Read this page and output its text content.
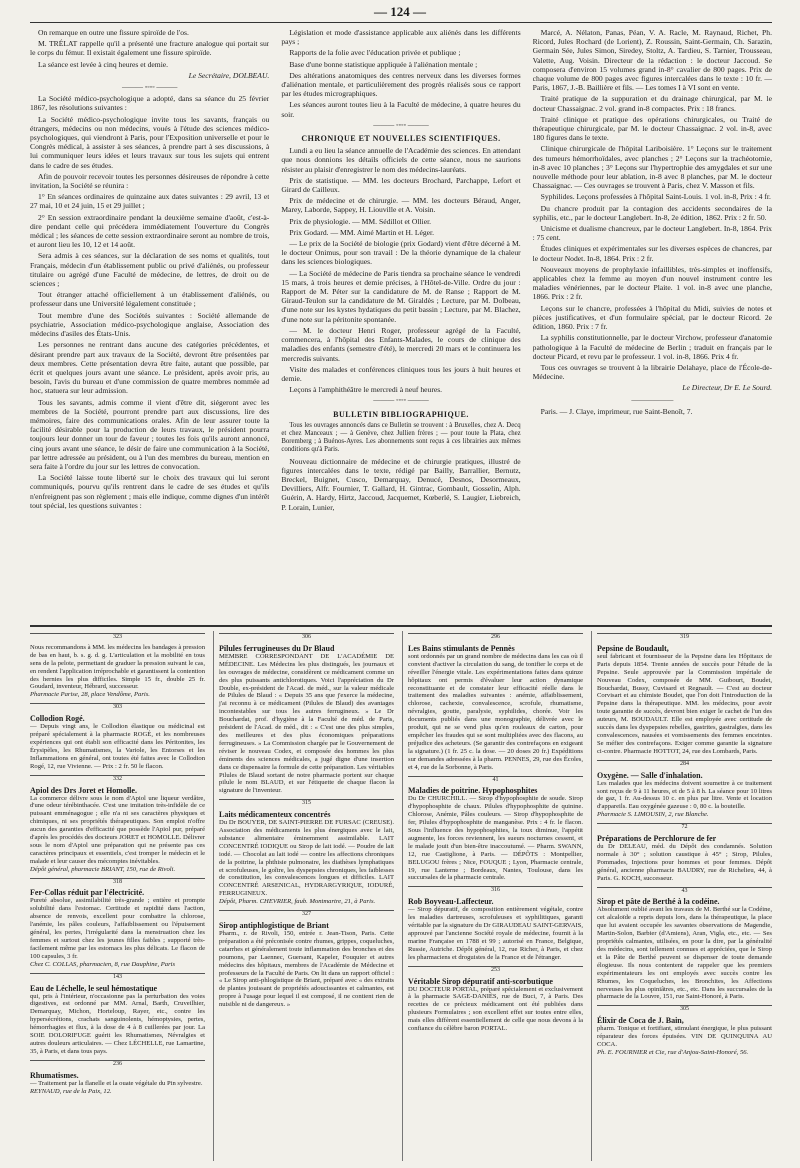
— 124 —

On remarque en outre une fissure spiroïde de l'os.

M. TRÉLAT rappelle qu'il a présenté une fracture analogue qui portait sur le corps du fémur. Il existait également une fissure spiroïde.

La séance est levée à cinq heures et demie.

Le Secrétaire, DOLBEAU.
——— ◦◦◦◦ ———

La Société médico-psychologique a adopté, dans sa séance du 25 février 1867, les résolutions suivantes :

La Société médico-psychologique invite tous les savants, français ou étrangers, médecins ou non médecins, voués à l'étude des sciences médico-psychologiques, qui viendront à Paris, pour l'Exposition universelle et pour le Congrès médical, à assister à ses séances, à prendre part à ses discussions, à lui communiquer leurs idées et leurs travaux sur tous les sujets qui entrent dans le cadre de ses études.

Afin de pouvoir recevoir toutes les personnes désireuses de répondre à cette invitation, la Société se réunira :

1° En séances ordinaires de quinzaine aux dates suivantes : 29 avril, 13 et 27 mai, 10 et 24 juin, 15 et 29 juillet ;

2° En session extraordinaire pendant la deuxième semaine d'août, c'est-à-dire pendant celle qui précédera immédiatement l'ouverture du Congrès médical ; les séances de cette session extraordinaire seront au nombre de trois, et auront lieu les 10, 12 et 14 août.

Sera admis à ces séances, sur la déclaration de ses noms et qualités, tout Français, médecin d'un établissement public ou privé d'aliénés, ou professeur titulaire ou agrégé d'une Faculté de médecine, de lettres, de droit ou de sciences ;

Tout étranger attaché officiellement à un établissement d'aliénés, ou professeur dans une Université légalement constituée ;

Tout membre d'une des Sociétés suivantes : Société allemande de psychiatrie, Association médico-psychologique anglaise, Association des médecins d'asiles des États-Unis.

Les personnes ne rentrant dans aucune des catégories précédentes, et désirant prendre part aux travaux de la Société, devront être présentées par deux membres. Cette présentation devra être faite, autant que possible, par écrit et quelques jours avant une séance. Le président, après avoir pris, au besoin, l'avis du bureau et d'une commission de quatre membres nommée ad hoc, statuera sur leur admission.

Tous les savants, admis comme il vient d'être dit, siégeront avec les membres de la Société, pourront prendre part aux discussions, lire des mémoires, faire des communications orales. Afin de leur assurer toute la facilité désirable pour la production de leurs travaux, le président pourra toujours leur donner un tour de faveur ; toutes les fois qu'ils auront annoncé, cinq jours avant une séance, le désir de faire une communication à la Société, par lettre adressée au président, ou à l'un des membres du bureau, mention en sera faite à l'ordre du jour sur les lettres de convocation.

La Société laisse toute liberté sur le choix des travaux qui lui seront communiqués, pourvu qu'ils rentrent dans le cadre de ses études et qu'ils n'enfreignent pas son règlement ; mais elle indique, comme dignes d'un intérêt tout spécial, les questions suivantes :

Législation et mode d'assistance applicable aux aliénés dans les différents pays ;

Rapports de la folie avec l'éducation privée et publique ;

Base d'une bonne statistique appliquée à l'aliénation mentale ;

Des altérations anatomiques des centres nerveux dans les diverses formes d'aliénation mentale, et particulièrement des progrès réalisés sous ce rapport par les études micrographiques.

Les séances auront toutes lieu à la Faculté de médecine, à quatre heures du soir.

——— ◦◦◦◦ ———
CHRONIQUE ET NOUVELLES SCIENTIFIQUES.

Lundi a eu lieu la séance annuelle de l'Académie des sciences. En attendant que nous donnions les détails officiels de cette séance, nous ne saurions résister au plaisir d'enregistrer le nom des médecins-lauréats.

Prix de statistique. — MM. les docteurs Brochard, Parchappe, Lefort et Girard de Cailleux.

Prix de médecine et de chirurgie. — MM. les docteurs Béraud, Anger, Marey, Laborde, Sappey, H. Liouville et A. Voisin.

Prix de physiologie. — MM. Sédillot et Ollier.

Prix Godard. — MM. Aimé Martin et H. Léger.

— Le prix de la Société de biologie (prix Godard) vient d'être décerné à M. le docteur Onimus, pour son travail : De la théorie dynamique de la chaleur dans les sciences biologiques.

— La Société de médecine de Paris tiendra sa prochaine séance le vendredi 15 mars, à trois heures et demie précises, à l'Hôtel-de-Ville. Ordre du jour : Rapport de M. Péter sur la candidature de M. de Ranse ; Rapport de M. Giraud-Teulon sur la candidature de M. Giraldès ; Lecture, par M. Dolbeau, d'une note sur les kystes hydatiques du petit bassin ; Lecture, par M. Blachez, d'une note sur la péritonite spontanée.

— M. le docteur Henri Roger, professeur agrégé de la Faculté, commencera, à l'hôpital des Enfants-Malades, le cours de clinique des maladies des enfants (semestre d'été), le mercredi 20 mars et le continuera les mercredis suivants.

Visite des malades et conférences cliniques tous les jours à huit heures et demie.

Leçons à l'amphithéâtre le mercredi à neuf heures.

——— ◦◦◦◦ ———
BULLETIN BIBLIOGRAPHIQUE.

Tous les ouvrages annoncés dans ce Bulletin se trouvent : à Bruxelles, chez A. Decq et chez Manceaux ; — à Genève, chez Jullien frères ; — pour toute la Plata, chez Boremberg ; à Buénos-Ayres. Les abonnements sont reçus à ces librairies aux mêmes conditions qu'à Paris.

Nouveau dictionnaire de médecine et de chirurgie pratiques, illustré de figures intercalées dans le texte, rédigé par Bailly, Barrallier, Bernutz, Breckel, Buignet, Cusco, Demarquay, Denucé, Desnos, Desormeaux, Devilliers, Alfr. Fournier, T. Gallard, H. Gintrac, Gombault, Gosselin, Alph. Guérin, A. Hardy, Hirtz, Jaccoud, Jacquemet, Kœberlé, S. Laugier, Liebreich, P. Lorain, Lunier,

Marcé, A. Nélaton, Panas, Péan, V. A. Racle, M. Raynaud, Richet, Ph. Ricord, Jules Rochard (de Lorient), Z. Roussin, Saint-Germain, Ch. Sarazin, Germain Sée, Jules Simon, Siredey, Stoltz, A. Tardieu, S. Tarnier, Trousseau, Valette, Aug. Voisin. Directeur de la rédaction : le docteur Jaccoud. Se composera d'environ 15 volumes grand in-8° cavalier de 800 pages. Prix de chaque volume de 800 pages avec figures intercalées dans le texte : 10 fr. — Paris, 1867, J.-B. Baillière et fils. — Les tomes I à VI sont en vente.

Traité pratique de la suppuration et du drainage chirurgical, par M. le docteur Chassaignac. 2 vol. grand in-8 compactes. Prix : 18 francs.

Traité clinique et pratique des opérations chirurgicales, ou Traité de thérapeutique chirurgicale, par M. le docteur Chassaignac. 2 vol. in-8, avec 180 figures dans le texte.

Clinique chirurgicale de l'hôpital Lariboisière. 1° Leçons sur le traitement des tumeurs hémorrhoïdales, avec planches ; 2° Leçons sur la trachéotomie, in-8 avec 10 planches ; 3° Leçons sur l'hypertrophie des amygdales et sur une nouvelle méthode pour leur ablation, in-8 avec 8 planches, par M. le docteur Chassaignac. — Ces ouvrages se trouvent à Paris, chez V. Masson et fils.

Syphilides. Leçons professées à l'hôpital Saint-Louis. 1 vol. in-8, Prix : 4 fr.

Du chancre produit par la contagion des accidents secondaires de la syphilis, etc., par le docteur Langlebert. In-8, 2e édition, 1862. Prix : 2 fr. 50.

Unicisme et dualisme chancreux, par le docteur Langlebert. In-8, 1864. Prix : 75 cent.

Études cliniques et expérimentales sur les diverses espèces de chancres, par le docteur Nodet. In-8, 1864. Prix : 2 fr.

Nouveaux moyens de prophylaxie infaillibles, très-simples et inoffensifs, applicables chez la femme au moyen d'un nouvel instrument contre les maladies vénériennes, par le docteur Plaite. 1 vol. in-8 avec une planche, 1866. Prix : 2 fr.

Leçons sur le chancre, professées à l'hôpital du Midi, suivies de notes et pièces justificatives, et d'un formulaire spécial, par le docteur Ricord. 2e édition, 1860. Prix : 7 fr.

La syphilis constitutionnelle, par le docteur Virchow, professeur d'anatomie pathologique à la Faculté de médecine de Berlin ; traduit en français par le docteur Picard, et revu par le professeur. 1 vol. in-8, 1866. Prix 4 fr.

Tous ces ouvrages se trouvent à la librairie Delahaye, place de l'École-de-Médecine.

Le Directeur, Dr E. Le Sourd.
——————

Paris. — J. Claye, imprimeur, rue Saint-Benoît, 7.

323
Nous recommandons à MM. les médecins les bandages à pression de bas en haut, b. s. g. d. g. L'articulation et la mobilité en tous sens de la pelote, permettant de graduer la pression suivant le cas, en rendent l'application irréprochable et garantissent la contention des hernies les plus difficiles. Simple 15 fr., double 25 fr. Goudard, inventeur, Hébrard, successeur.
Pharmacie Parise, 28, place Vendôme, Paris.
303
Collodion Rogé.
— Depuis vingt ans, le Collodion élastique ou médicinal est préparé spécialement à la pharmacie ROGÉ, et les nombreuses expériences qui ont établi son efficacité dans les Péritonites, les Érysipèles, les Rhumatismes, la Variole, les Entorses et les Inflammations en général, ont toutes été faites avec le Collodion Rogé, 12, rue Vivienne. — Prix : 2 fr. 50 le flacon.
332
Apiol des Drs Joret et Homolle.
La commerce délivre sous le nom d'Apiol une liqueur verdâtre, d'une odeur térébinthacée. C'est une imitation très-infidèle de ce puissant emménagogue ; elle n'a ni ses caractères physiques et chimiques, ni ses propriétés thérapeutiques. Son emploi n'offre aucun des garanties d'efficacité que possède l'Apiol pur, préparé d'après les procédés des docteurs JORET et HOMOLLE. Délivrer sous le nom d'Apiol une préparation qui ne présente pas ces caractères principaux et essentiels, c'est tromper le médecin et le malade et leur causer des mécomptes inévitables.
Dépôt général, pharmacie BRIANT, 150, rue de Rivoli.
318
Fer-Collas réduit par l'électricité.
Pureté absolue, assimilabilité très-grande ; entière et prompte solubilité dans l'estomac. Certitude et rapidité dans l'action, absence de renvois, excellent pour combattre la chlorose, l'anémie, les pâles couleurs, l'affaiblissement ou l'épuisement général, les pertes, l'irrégularité dans la menstruation chez les femmes et surtout chez les jeunes filles faibles ; supporté très-facilement même par les estomacs les plus délicats. Le flacon de 100 capsules, 3 fr.
Chez C. COLLAS, pharmacien, 8, rue Dauphine, Paris
143
Eau de Léchelle, le seul hémostatique
qui, pris à l'intérieur, n'occasionne pas la perturbation des voies digestives, est ordonné par MM. Arnal, Barth, Cruveilhier, Demarquay, Michon, Horteloup, Rayer, etc., contre les hypersécrétions, crachats sanguinolents, hémoptysies, pertes, hémorrhagies et flux, à la dose de 4 à 8 cuillerées par jour. La SOIE DOLORIFUGE guérit les Rhumatismes, Névralgies et autres douleurs articulaires. — Chez LÉCHELLE, rue Lamartine, 35, à Paris, et dans tous pays.
236
Rhumatismes.
— Traitement par la flanelle et la ouate végétale du Pin sylvestre.
REYNAUD, rue de la Paix, 12.
306
Pilules ferrugineuses du Dr Blaud
MEMBRE CORRESPONDANT DE L'ACADÉMIE DE MÉDECINE. Les Médecins les plus distingués, les journaux et les ouvrages de médecine, considèrent ce médicament comme un des plus puissants antichlorotiques. Voici l'appréciation du Dr Double, ex-président de l'Acad. de méd., sur la valeur médicale de Pilules de Blaud : « Depuis 35 ans que j'exerce la médecine, j'ai reconnu à ce médicament (Pilules de Blaud) des avantages incontestables sur tous les autres ferrugineux. » Le Dr Bouchardat, prof. d'hygiène à la Faculté de méd. de Paris, président de l'Acad. de méd., dit : « C'est une des plus simples, des meilleures et des plus économiques préparations ferrugineuses. » La Commission chargée par le Gouvernement de réviser le nouveau Codex, et composée des hommes les plus éminents des sciences médicales, a jugé digne d'une insertion dans ce dispensaire la formule de cette préparation. Les véritables Pilules de Blaud sortant de notre pharmacie portent sur chaque pilule le nom BLAUD, et sur l'étiquette de chaque flacon la signature de l'inventeur.
315
Laits médicamenteux concentrés
Du Dr BOUYER, DE SAINT-PIERRE DE FURSAC (CREUSE). Association des médicaments les plus énergiques avec le lait, substance alimentaire éminemment assimilable. LAIT CONCENTRÉ IODIQUE ou Sirop de lait iodé. — Poudre de lait iodé. — Chocolat au lait iodé — contre les affections chroniques de la poitrine, la phthisie pulmonaire, les diathèses lymphatiques et scrofuleuses, le goître, les dyspepsies chroniques, les faiblesses de constitution, les convalescences longues et difficiles. LAIT CONCENTRÉ ARSENICAL, HYDRARGYRIQUE, IODURÉ, FERRUGINEUX.
Dépôt, Pharm. CHEVRIER, faub. Montmartre, 21, à Paris.
327
Sirop antiphlogistique de Briant
Pharm., r. de Rivoli, 150, entrée r. Jean-Tison, Paris. Cette préparation a été préconisée contre rhumes, grippes, coqueluches, catarrhes et généralement toute inflammation des bronches et des poumons, par Laennec, Guersant, Kapeler, Fouquier et autres médecins des hôpitaux, membres de l'Académie de Médecine et professeurs de la Faculté de Paris. On lit dans un rapport officiel : « Le Sirop anti-phlogistique de Briant, préparé avec « des extraits de plantes jouissant de propriétés adoucissantes et calmantes, est propre à l'usage pour lequel il est composé, il ne contient rien de nuisible ni de dangereux. »
296
Les Bains stimulants de Pennès
sont ordonnés par un grand nombre de médecins dans les cas où il convient d'activer la circulation du sang, de tonifier le corps et de réveiller l'énergie vitale. Les expérimentations faites dans quinze hôpitaux ont permis d'évaluer leur action dynamique reconstituante et de constater leur efficacité réelle dans le traitement des maladies suivantes : anémie, affaiblissement, chlorose, cachexie, convalescence, scrofule, rhumatisme, névralgies, goutte, paralysie, syphilides, chorée. Voir les documents publiés dans une monographie, délivrée avec le produit, qui ne se vend plus qu'en rouleaux de carton, pour empêcher les fraudes qui se sont multipliées avec des flacons, au préjudice des acheteurs. (Se garantir des contrefaçons en exigeant la signature.) (1 fr. 25 c. la dose. — 20 doses 20 fr.) Expéditions sur demandes adressées à la pharm. PENNES, 29, rue des Écoles, et 4, rue de la Sorbonne, à Paris.
41
Maladies de poitrine. Hypophosphites
Du Dr CHURCHILL. — Sirop d'hypophosphite de soude. Sirop d'hypophosphite de chaux. Pilules d'hypophosphite de quinine. Chlorose, Anémie, Pâles couleurs. — Sirop d'hypophosphite de fer, Pilules d'hypophosphite de manganèse. Prix : 4 fr. le flacon. Sous l'influence des hypophosphites, la toux diminue, l'appétit augmente, les forces reviennent, les sueurs nocturnes cessent, et le malade jouit d'un bien-être inaccoutumé. — Pharm. SWANN, 12, rue Castiglione, à Paris. — DÉPÔTS : Montpellier, BELUGOU frères ; Nice, FOUQUE ; Lyon, Pharmacie centrale, 19, rue Lanterne ; Bordeaux, Nantes, Toulouse, dans les succursales de la pharmacie centrale.
316
Rob Boyveau-Laffecteur.
— Sirop dépuratif, de composition entièrement végétale, contre les maladies dartreuses, scrofuleuses et syphilitiques, garanti véritable par la signature du Dr GIRAUDEAU SAINT-GERVAIS, approuvé par l'ancienne Société royale de médecine, fournit à la marine Française en 1788 et 99 ; autorisé en France, Belgique, Russie, Autriche. Dépôt général, 12, rue Richer, à Paris, et chez les pharmaciens et droguistes de la France et de l'étranger.
253
Véritable Sirop dépuratif anti-scorbutique
DU DOCTEUR PORTAL, préparé spécialement et exclusivement à la pharmacie SAGE-DANIÈS, rue de Buci, 7, à Paris. Des recettes de ce précieux médicament ont été publiées dans plusieurs Formulaires ; son excellent effet sur toutes entre elles, mais elles diffèrent essentiellement de celle que nous devons à la confiance du célèbre baron PORTAL.
319
Pepsine de Boudault,
seul fabricant et fournisseur de la Pepsine dans les Hôpitaux de Paris depuis 1854. Trente années de succès pour l'étude de la Pepsine. Seule approuvée par la Commission impériale de Nouveau Codex, composée de MM. Guibourt, Boudet, Bouchardat, Bussy, Cuvisard et Regnault. — C'est au docteur Corvisart et au chimiste Boudet, que l'on doit l'introduction de la Pepsine dans la thérapeutique. MM. les médecins, pour avoir toute garantie de succès, devront bien exiger le cachet de l'un des auteurs, M. BOUDAULT. Elle est employée avec certitude de succès dans les dyspepsies rebelles, gastrites, gastralgies, dans les convalescences, nausées et vomissements des femmes enceintes. Se méfier des contrefaçons. Exiger comme garantie la signature ci-contre. Pharmacie HOTTOT, 24, rue des Lombards, Paris.
284
Oxygène. — Salle d'inhalation.
Les malades que les médecins doivent soumettre à ce traitement sont reçus de 9 à 11 heures, et de 5 à 8 h. La séance pour 10 litres de gaz, 1 fr. Au-dessus 10 c. en plus par litre. Vente et location d'appareils. Eau oxygénée gazeuse : 0, 80 c. la bouteille.
Pharmacie S. LIMOUSIN, 2, rue Blanche.
72
Préparations de Perchlorure de fer
du Dr DELEAU, méd. du Dépôt des condamnés. Solution normale à 30° ; solution caustique à 45° ; Sirop, Pilules, Pommades, Injections pour hommes et pour femmes. Dépôt général, ancienne pharmacie BAUDRY, rue de Richelieu, 44, à Paris. G. KOCH, successeur.
43
Sirop et pâte de Berthé à la codéine.
Absolument oublié avant les travaux de M. Berthé sur la Codéine, cet alcaloïde a repris depuis lors, dans la thérapeutique, la place que lui avaient occupée les savantes observations de Magendie, Martin-Solon, Barbier (d'Amiens), Aran, Vigla, etc., etc. — Ses propriétés calmantes, utilisées, en pour la dire, par la généralité des médecins, sont tellement connues et appréciées, que le Sirop et la Pâte de Berthé peuvent se dispenser de toute demande élogieuse. Ils nous contentent de rappeler que les premiers expérimentateurs les ont employés avec succès contre les Rhumes, les Coqueluches, les Bronchites, les Affections nerveuses les plus opiniâtres, etc., etc. Dans les succursales de la pharmacie de la Louvre, 151, rue Saint-Honoré, à Paris.
305
Élixir de Coca de J. Bain,
pharm. Tonique et fortifiant, stimulant énergique, le plus puissant réparateur des forces épuisées. VIN DE QUINQUINA AU COCA.
Ph. E. FOURNIER et Cie, rue d'Anjou-Saint-Honoré, 56.
